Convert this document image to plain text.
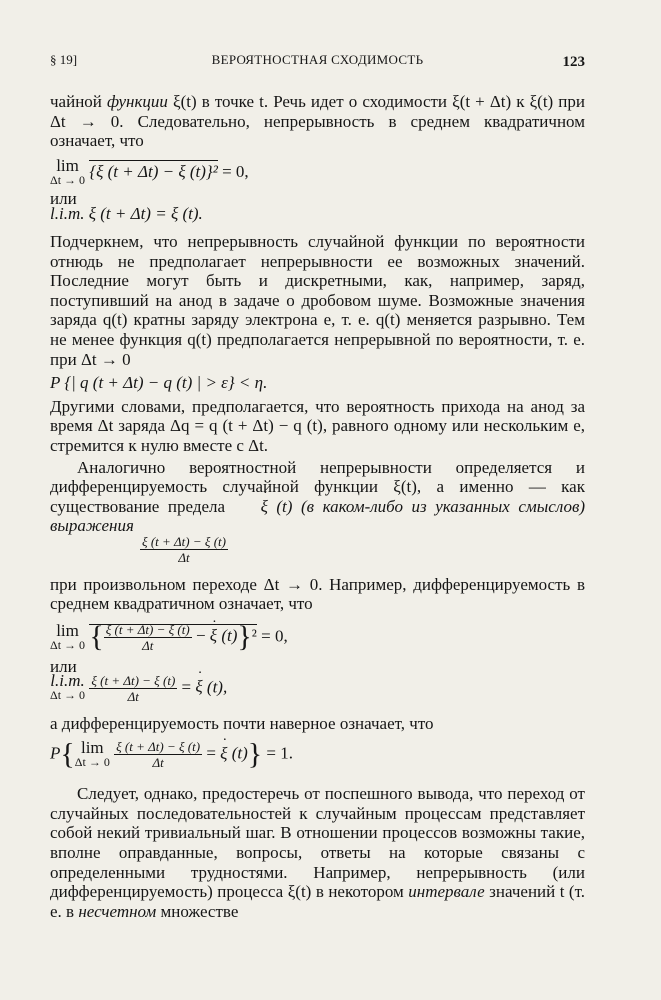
§ 19]	ВЕРОЯТНОСТНАЯ СХОДИМОСТЬ	123

чайной функции ξ(t) в точке t. Речь идет о сходимости ξ(t + Δt) к ξ(t) при Δt → 0. Следовательно, непрерывность в среднем квадратичном означает, что

lim
Δt → 0 {ξ (t + Δt) − ξ (t)}² = 0,

или

l.i.m. ξ (t + Δt) = ξ (t).

Подчеркнем, что непрерывность случайной функции по вероятности отнюдь не предполагает непрерывности ее возможных значений. Последние могут быть и дискретными, как, например, заряд, поступивший на анод в задаче о дробовом шуме. Возможные значения заряда q(t) кратны заряду электрона e, т. е. q(t) меняется разрывно. Тем не менее функция q(t) предполагается непрерывной по вероятности, т. е. при Δt → 0

P {| q (t + Δt) − q (t) | > ε} < η.

Другими словами, предполагается, что вероятность прихода на анод за время Δt заряда Δq = q (t + Δt) − q (t), равного одному или нескольким e, стремится к нулю вместе с Δt.

Аналогично вероятностной непрерывности определяется и дифференцируемость случайной функции ξ(t), а именно — как существование предела ˙ ξ (t) (в каком-либо из указанных смыслов) выражения

$\frac{\xi (t + \Delta t) - \xi (t)}{\Delta t}$

при произвольном переходе Δt → 0. Например, дифференцируемость в среднем квадратичном означает, что

lim
Δt → 0 { $\frac{\xi (t + \Delta t) - \xi (t)}{\Delta t}$ − ˙ ξ (t)}² = 0,

или

l.i.m.
Δt → 0
$\frac{\xi (t + \Delta t) - \xi (t)}{\Delta t}$ = ˙ ξ (t),

а дифференцируемость почти наверное означает, что

P{ lim
Δt → 0
$\frac{\xi (t + \Delta t) - \xi (t)}{\Delta t}$ = ˙ ξ (t)} = 1.

Следует, однако, предостеречь от поспешного вывода, что переход от случайных последовательностей к случайным процессам представляет собой некий тривиальный шаг. В отношении процессов возможны такие, вполне оправданные, вопросы, ответы на которые связаны с определенными трудностями. Например, непрерывность (или дифференцируемость) процесса ξ(t) в некотором интервале значений t (т. е. в несчетном множестве
